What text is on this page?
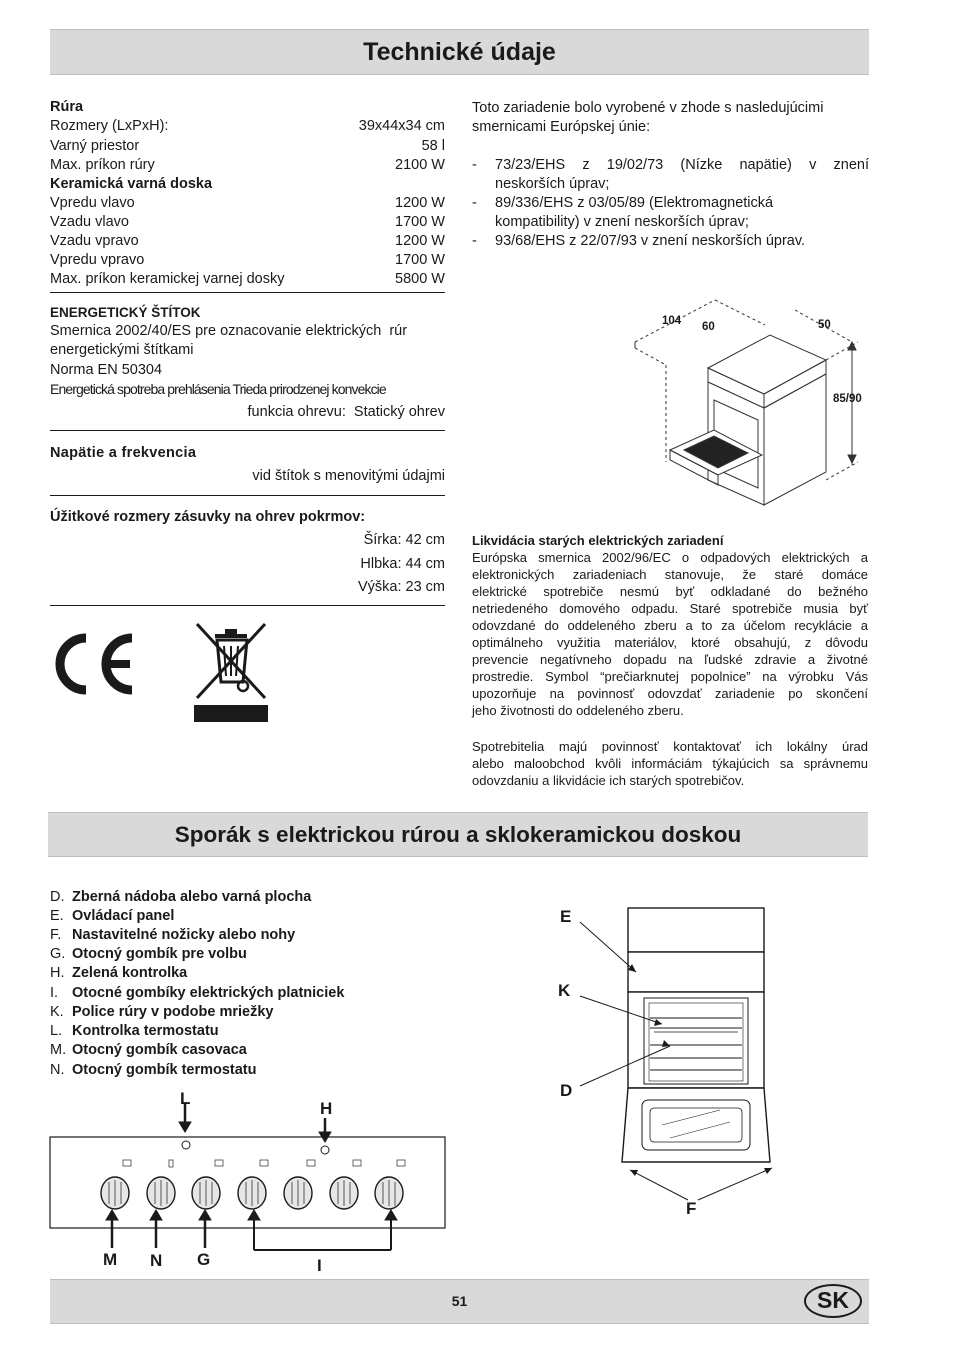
Technické údaje
Rúra
Rozmery (LxPxH):	39x44x34 cm
Varný priestor	58 l
Max. príkon rúry	2100 W
Keramická varná doska
Vpredu vlavo	1200 W
Vzadu vlavo	1700 W
Vzadu vpravo	1200 W
Vpredu vpravo	1700 W
Max. príkon keramickej varnej dosky	5800 W
ENERGETICKÝ ŠTÍTOK
Smernica 2002/40/ES pre oznacovanie elektrických  rúr
energetickými štítkami
Norma EN 50304
Energetická spotreba prehlásenia Trieda prirodzenej konvekcie
funkcia ohrevu:  Statický ohrev
Napätie a frekvencia
vid štítok s menovitými údajmi
Úžitkové rozmery zásuvky na ohrev pokrmov:
Šírka: 42 cm
Hlbka: 44 cm
Výška: 23 cm
Toto zariadenie bolo vyrobené v zhode s nasledujúcimi
smernicami Európskej únie:
- 73/23/EHS z 19/02/73 (Nízke napätie) v znení
neskorších úprav;
- 89/336/EHS z 03/05/89 (Elektromagnetická
kompatibility) v znení neskorších úprav;
- 93/68/EHS z 22/07/93 v znení neskorších úprav.
104 60	50
85/90
Likvidácia starých elektrických zariadení
Európska smernica 2002/96/EC o odpadových elektrických a
elektronických zariadeniach stanovuje, že staré domáce
elektrické spotrebiče nesmú byť odkladané do bežného
netriedeného domového odpadu. Staré spotrebiče musia byť
odovzdané do oddeleného zberu a to za účelom recyklácie a
optimálneho využitia materiálov, ktoré obsahujú, z dôvodu
prevencie negatívneho dopadu na ľudské zdravie a životné
prostredie. Symbol “prečiarknutej popolnice” na výrobku Vás
upozorňuje na povinnosť odovzdať zariadenie po skončení
jeho životnosti do oddeleného zberu.
Spotrebitelia majú povinnosť kontaktovať ich lokálny úrad
alebo maloobchod kvôli informáciám týkajúcich sa správnemu
odovzdaniu a likvidácie ich starých spotrebičov.
Sporák s elektrickou rúrou a sklokeramickou doskou
D. Zberná nádoba alebo varná plocha
E. Ovládací panel
F. Nastavitelné nožicky alebo nohy
G. Otocný gombík pre volbu
H. Zelená kontrolka
I. Otocné gombíky elektrických platniciek
K. Police rúry v podobe mriežky
L. Kontrolka termostatu
M. Otocný gombík casovaca
N. Otocný gombík termostatu
L
H
M N G	I
E
K
D
F
51	SK
